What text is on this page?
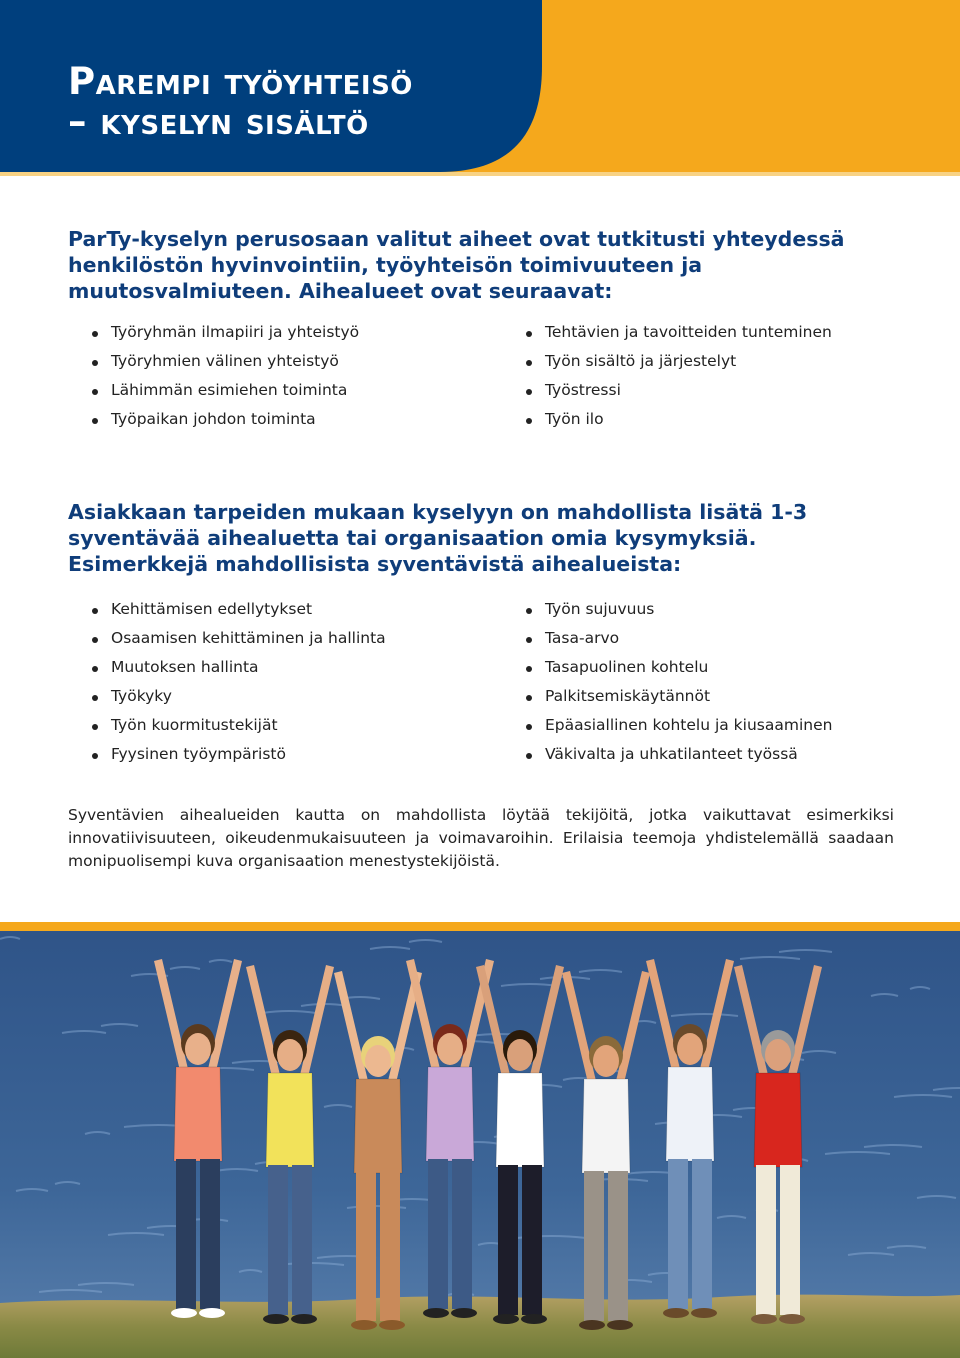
Parempi työyhteisö
– kyselyn sisältö

ParTy-kyselyn perusosaan valitut aiheet ovat tutkitusti yhteydessä henkilöstön hyvinvointiin, työyhteisön toimivuuteen ja muutosvalmiuteen. Aihealueet ovat seuraavat:

Työryhmän ilmapiiri ja yhteistyö
Työryhmien välinen yhteistyö
Lähimmän esimiehen toiminta
Työpaikan johdon toiminta
Tehtävien ja tavoitteiden tunteminen
Työn sisältö ja järjestelyt
Työstressi
Työn ilo

Asiakkaan tarpeiden mukaan kyselyyn on mahdollista lisätä 1-3 syventävää aihealuetta tai organisaation omia kysymyksiä. Esimerkkejä mahdollisista syventävistä aihealueista:

Kehittämisen edellytykset
Osaamisen kehittäminen ja hallinta
Muutoksen hallinta
Työkyky
Työn kuormitustekijät
Fyysinen työympäristö
Työn sujuvuus
Tasa-arvo
Tasapuolinen kohtelu
Palkitsemiskäytännöt
Epäasiallinen kohtelu ja kiusaaminen
Väkivalta ja uhkatilanteet työssä

Syventävien aihealueiden kautta on mahdollista löytää tekijöitä, jotka vaikuttavat esimerkiksi innovatiivisuuteen, oikeudenmukaisuuteen ja voimavaroihin. Erilaisia teemoja yhdistelemällä saadaan monipuolisempi kuva organisaation menestystekijöistä.
